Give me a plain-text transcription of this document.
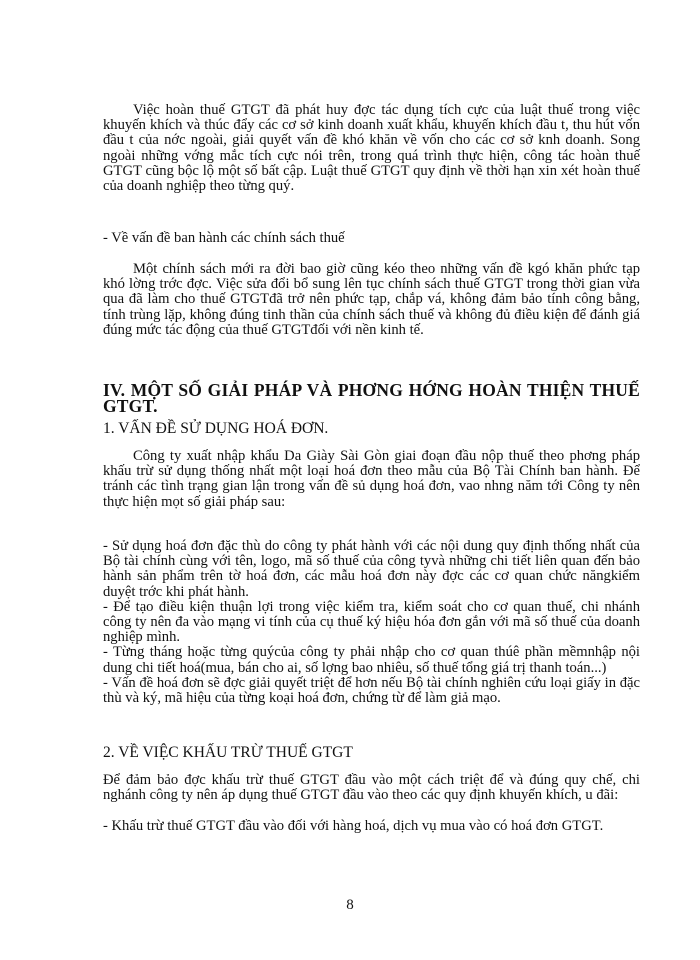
Việc hoàn thuế GTGT đã phát huy đợc tác dụng tích cực của luật thuế trong việc khuyến khích và thúc đẩy các cơ sở kinh doanh xuất khẩu, khuyến khích đầu t, thu hút vốn đầu t của nớc ngoài, giải quyết vấn đề khó khăn về vốn cho các cơ sở knh doanh. Song ngoài những vớng mắc tích cực nói trên, trong quá trình thực hiện, công tác hoàn thuế GTGT cũng bộc lộ một số bất cập. Luật thuế GTGT quy định về thời hạn xin xét hoàn thuế của doanh nghiệp theo từng quý.

- Về vấn đề ban hành các chính sách thuế

Một chính sách mới ra đời bao giờ cũng kéo theo những vấn đề kgó khăn phức tạp khó lờng trớc đợc. Việc sửa đổi bổ sung lên tục chính sách thuế GTGT trong thời gian vừa qua đã làm cho thuế GTGTđã trở nên phức tạp, chắp vá, không đảm bảo tính công bằng, tính trùng lặp, không đúng tinh thần của chính sách thuế và không đủ điều kiện để đánh giá đúng mức tác động của thuế GTGTđối với nền kinh tế.

IV. MỘT SỐ GIẢI PHÁP VÀ PHƠNG HỚNG HOÀN THIỆN THUẾ GTGT.

1. VẤN ĐỀ SỬ DỤNG HOÁ ĐƠN.

Công ty xuất nhập khẩu Da Giày Sài Gòn giai đoạn đầu nộp thuế theo phơng pháp khấu trừ sử dụng thống nhất một loại hoá đơn theo mẫu của Bộ Tài Chính ban hành. Để tránh các tình trạng gian lận trong vấn đề sủ dụng hoá đơn, vao nhng năm tới Công ty nên thực hiện mọt số giải pháp sau:

- Sử dụng hoá đơn đặc thù do công ty phát hành với các nội dung quy định thống nhất của Bộ tài chính cùng với tên, logo, mã số thuế của công tyvà những chi tiết liên quan đến bảo hành sản phẩm trên tờ hoá đơn, các mẫu hoá đơn này đợc các cơ quan chức năngkiểm duyệt trớc khi phát hành.

- Để tạo điều kiện thuận lợi trong việc kiểm tra, kiểm soát cho cơ quan thuế, chi nhánh công ty nên đa vào mạng vi tính của cụ thuế ký hiệu hóa đơn gắn với mã số thuế của doanh nghiệp mình.

- Từng tháng hoặc từng quýcủa công ty phải nhập cho cơ quan thúê phần mềmnhập nội dung chi tiết hoá(mua, bán cho ai, số lợng bao nhiêu, số thuế tổng giá trị thanh toán...)

- Vấn đề hoá đơn sẽ đợc giải quyết triệt để hơn nếu Bộ tài chính nghiên cứu loại giấy in đặc thù và ký, mã hiệu của từng koại hoá đơn, chứng từ để làm giả mạo.

2. VỀ VIỆC KHẤU TRỪ THUẾ GTGT

Để đảm bảo đợc khấu trừ thuế GTGT đầu vào một cách triệt để và đúng quy chế, chi nghánh công ty nên áp dụng thuế GTGT đầu vào theo các quy định khuyến khích, u đãi:

- Khấu trừ thuế GTGT đầu vào đối với hàng hoá, dịch vụ mua vào có hoá đơn GTGT.

8
